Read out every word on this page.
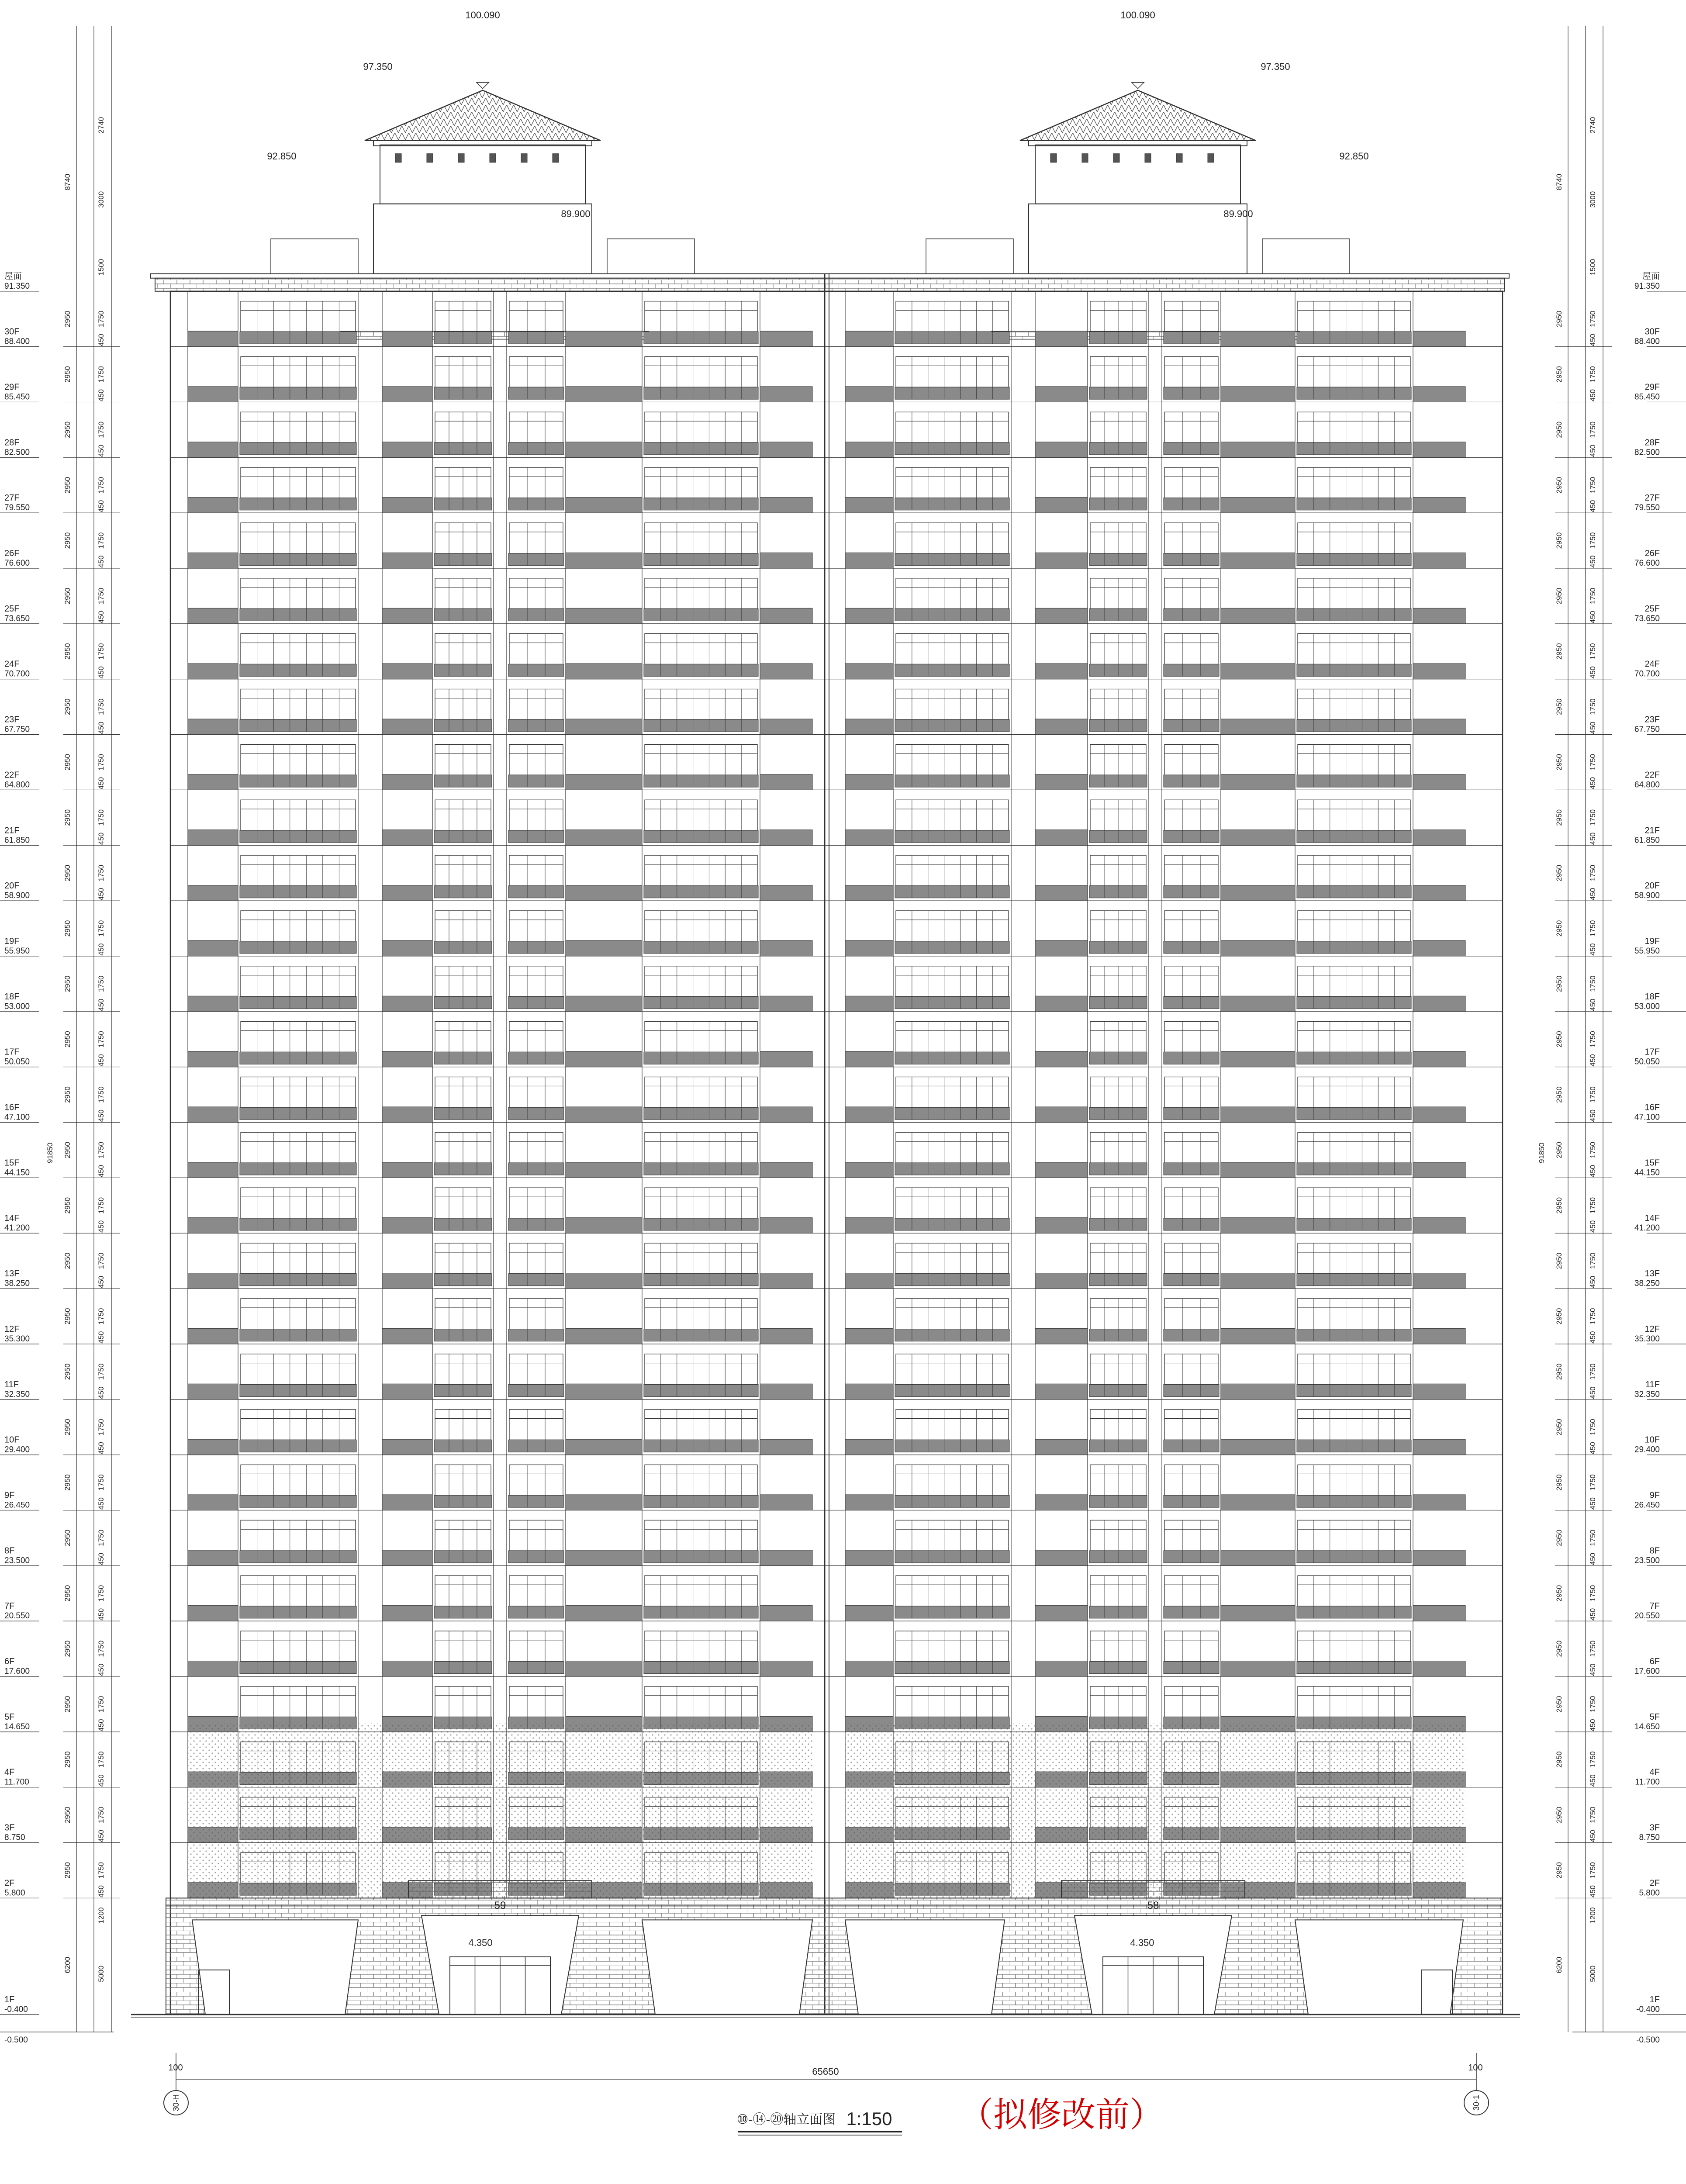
1F
-0.400
2F
5.800
3F
8.750
4F
11.700
5F
14.650
6F
17.600
7F
20.550
8F
23.500
9F
26.450
10F
29.400
11F
32.350
12F
35.300
13F
38.250
14F
41.200
15F
44.150
16F
47.100
17F
50.050
18F
53.000
19F
55.950
20F
58.900
21F
61.850
22F
64.800
23F
67.750
24F
70.700
25F
73.650
26F
76.600
27F
79.550
28F
82.500
29F
85.450
30F
88.400
屋面
91.350
-0.500
1F
-0.400
2F
5.800
3F
8.750
4F
11.700
5F
14.650
6F
17.600
7F
20.550
8F
23.500
9F
26.450
10F
29.400
11F
32.350
12F
35.300
13F
38.250
14F
41.200
15F
44.150
16F
47.100
17F
50.050
18F
53.000
19F
55.950
20F
58.900
21F
61.850
22F
64.800
23F
67.750
24F
70.700
25F
73.650
26F
76.600
27F
79.550
28F
82.500
29F
85.450
30F
88.400
屋面
91.350
-0.500
2950	1750
450
2950	1750
450
2950	1750
450
2950	1750
450
2950	1750
450
2950	1750
450
2950	1750
450
2950	1750
450
2950	1750
450
2950	1750
450
2950	1750
450
2950	1750
450
2950	1750
450
2950	1750
450
2950	1750
450
2950	1750
450
2950	1750
450
2950	1750
450
2950	1750
450
2950	1750
450
2950	1750
450
2950	1750
450
2950	1750
450
2950	1750
450
2950	1750
450
2950	1750
450
2950	1750
450
2950	1750
450
2950	1750
450
6200
5000
1200
1500
3000
2740
8740
91850
2950	1750
450
2950	1750
450
2950	1750
450
2950	1750
450
2950	1750
450
2950	1750
450
2950	1750
450
2950	1750
450
2950	1750
450
2950	1750
450
2950	1750
450
2950	1750
450
2950	1750
450
2950	1750
450
2950	1750
450
2950	1750
450
2950	1750
450
2950	1750
450
2950	1750
450
2950	1750
450
2950	1750
450
2950	1750
450
2950	1750
450
2950	1750
450
2950	1750
450
2950	1750
450
2950	1750
450
2950	1750
450
2950	1750
450
6200
5000
1200
1500
3000
2740
8740
91850
100.090	100.090
97.350	97.350
92.850	92.850
89.900	89.900
59	58
4.350	4.350
65650
100	100
30-H	30-1
⑩-⑭-⑳轴立面图 1:150 （拟修改前）
